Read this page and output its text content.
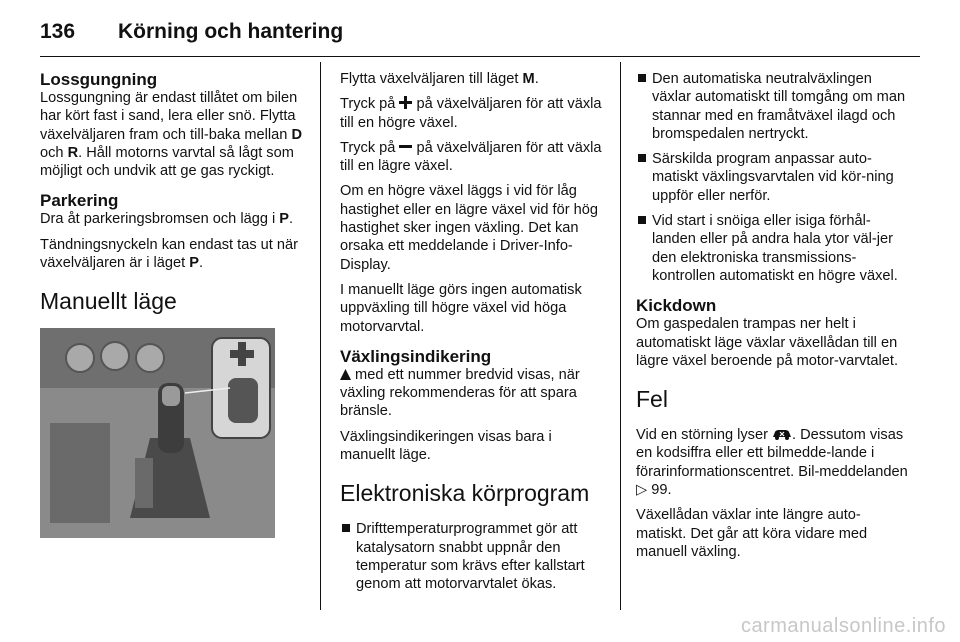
136 Körning och hantering
Lossgungning

Lossgungning är endast tillåtet om bilen har kört fast i sand, lera eller snö. Flytta växelväljaren fram och till-baka mellan D och R. Håll motorns varvtal så lågt som möjligt och undvik att ge gas ryckigt.

Parkering

Dra åt parkeringsbromsen och lägg i P.

Tändningsnyckeln kan endast tas ut när växelväljaren är i läget P.

Manuellt läge

Flytta växelväljaren till läget M.

Tryck på  på växelväljaren för att växla till en högre växel.

Tryck på  på växelväljaren för att växla till en lägre växel.

Om en högre växel läggs i vid för låg hastighet eller en lägre växel vid för hög hastighet sker ingen växling. Det kan orsaka ett meddelande i Driver-Info-Display.

I manuellt läge görs ingen automatisk uppväxling till högre växel vid höga motorvarvtal.

Växlingsindikering

med ett nummer bredvid visas, när växling rekommenderas för att spara bränsle.

Växlingsindikeringen visas bara i manuellt läge.

Elektroniska körprogram
Drifttemperaturprogrammet gör att katalysatorn snabbt uppnår den temperatur som krävs efter kallstart genom att motorvarvtalet ökas.
Den automatiska neutralväxlingen växlar automatiskt till tomgång om man stannar med en framåtväxel ilagd och bromspedalen nertryckt.
Särskilda program anpassar auto-matiskt växlingsvarvtalen vid kör-ning uppför eller nerför.
Vid start i snöiga eller isiga förhål-landen eller på andra hala ytor väl-jer den elektroniska transmissions-kontrollen automatiskt en högre växel.
Kickdown

Om gaspedalen trampas ner helt i automatiskt läge växlar växellådan till en lägre växel beroende på motor-varvtalet.

Fel

Vid en störning lyser . Dessutom visas en kodsiffra eller ett bilmedde-lande i förarinformationscentret. Bil-meddelanden ▷ 99.

Växellådan växlar inte längre auto-matiskt. Det går att köra vidare med manuell växling.

carmanualsonline.info
